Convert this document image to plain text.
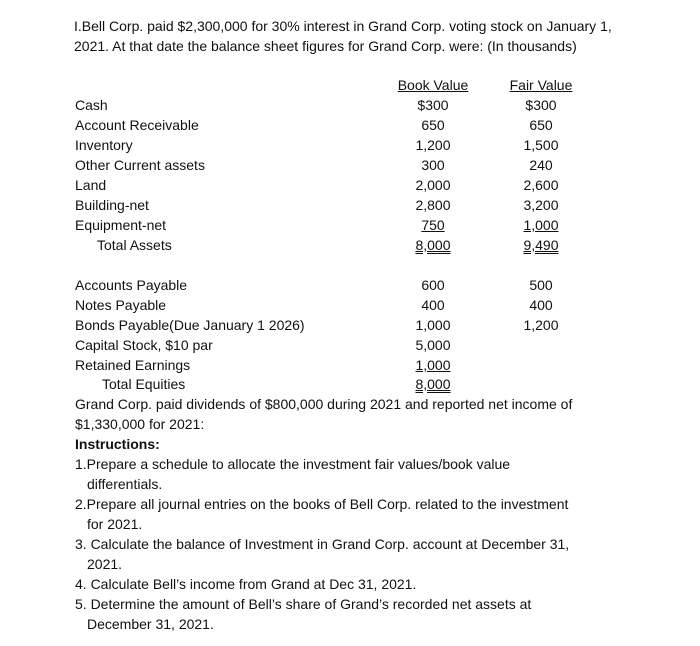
I.Bell Corp. paid $2,300,000 for 30% interest in Grand Corp. voting stock on January 1, 2021. At that date the balance sheet figures for Grand Corp. were: (In thousands)
Book Value	Fair Value
Cash	$300	$300
Account Receivable	650	650
Inventory	1,200	1,500
Other Current assets	300	240
Land	2,000	2,600
Building-net	2,800	3,200
Equipment-net	750	1,000
Total Assets	8,000	9,490
Accounts Payable	600	500
Notes Payable	400	400
Bonds Payable(Due January 1 2026)	1,000	1,200
Capital Stock, $10 par	5,000
Retained Earnings	1,000
Total Equities	8,000
Grand Corp. paid dividends of $800,000 during 2021 and reported net income of $1,330,000 for 2021:
Instructions:
1.Prepare a schedule to allocate the investment fair values/book value
differentials.
2.Prepare all journal entries on the books of Bell Corp. related to the investment
for 2021.
3. Calculate the balance of Investment in Grand Corp. account at December 31,
2021.
4. Calculate Bell’s income from Grand at Dec 31, 2021.
5. Determine the amount of Bell’s share of Grand’s recorded net assets at
December 31, 2021.
